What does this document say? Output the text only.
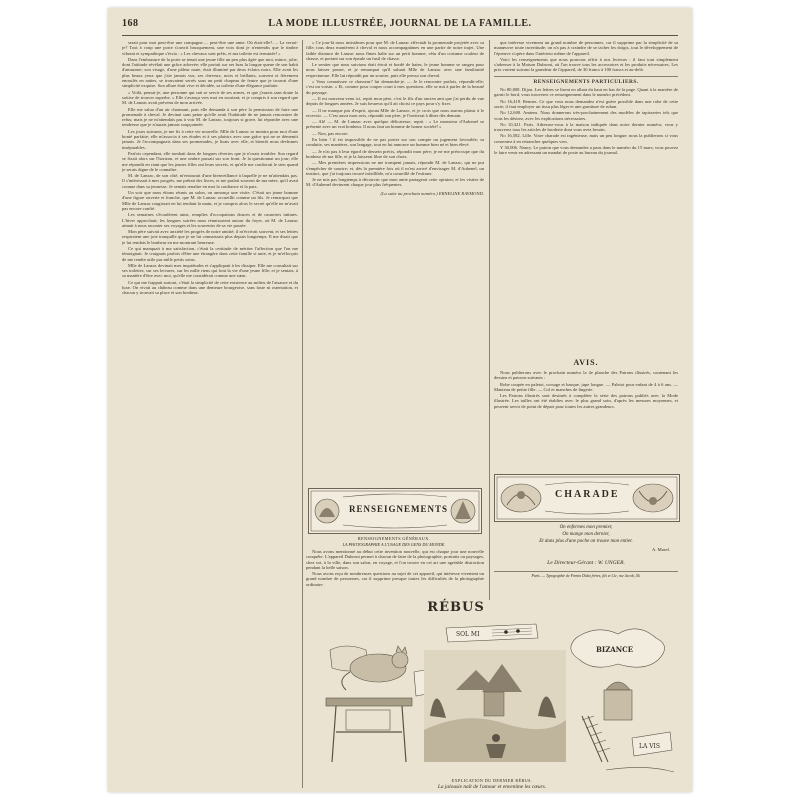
168	LA MODE ILLUSTRÉE, JOURNAL DE LA FAMILLE.

serait pour moi peut-être une compagne..... peut-être une amie. Où était-elle?..... La verrai-je? Tout à coup une porte s'ouvrit brusquement, une voix dont je n'entendis que le timbre vibrant et sympathique s'écria : « Les chevaux sont prêts, et ma toilette est terminée! »

Dans l'embrasure de la porte se tenait une jeune fille un peu plus âgée que moi, mince, jolie, dont l'attitude révélait une grâce achevée; elle portait sur ses bras la longue queue de son habit d'amazone; son visage, d'une pâleur mate, était illuminé par deux éclairs noirs. Elle avait les plus beaux yeux que j'aie jamais vus; ses cheveux, noirs et brillants, souvent et fièrement enroulés en nattes, se trouvaient serrés sous un petit chapeau de feutre que je trouvai d'une simplicité exquise. Son allure était vive et décidée, sa toilette d'une élégance parfaite.

« Voilà, pensai-je, une personne qui sait se servir de ses armes, et que j'aurais sans doute la sottise de trouver superbe. » Elle s'avança vers moi en souriant; et je compris à son regard que M. de Lanzac avait prévenu de mon arrivée.

Elle me salua d'un air charmant, puis elle demanda à son père la permission de faire une promenade à cheval. Je devinai sans peine qu'elle avait l'habitude de ne jamais rencontrer de refus; mais je ne m'attendais pas à voir M. de Lanzac, toujours si grave, lui répondre avec une tendresse que je n'aurais jamais soupçonnée.

Les jours suivants, je me fis à cette vie nouvelle. Mlle de Lanzac se montra pour moi d'une bonté parfaite; elle m'associa à ses études et à ses plaisirs avec une grâce qui ne se démentit jamais. Je l'accompagnais dans ses promenades, je lisais avec elle, et bientôt nous devînmes inséparables.

Parfois cependant, elle tombait dans de longues rêveries que je n'osais troubler. Son regard se fixait alors sur l'horizon, et une ombre passait sur son front. Je la questionnai un jour; elle me répondit en riant que les jeunes filles ont leurs secrets, et qu'elle me confierait le sien quand je serais digne de le connaître.

M. de Lanzac, de son côté, m'entourait d'une bienveillance à laquelle je ne m'attendais pas. Il s'intéressait à mes progrès, me prêtait des livres, et me parlait souvent de ma mère, qu'il avait connue dans sa jeunesse. Je sentais renaître en moi la confiance et la paix.

Un soir que nous étions réunis au salon, on annonça une visite. C'était un jeune homme d'une figure ouverte et franche, que M. de Lanzac accueillit comme un fils. Je remarquai que Mlle de Lanzac rougissait en lui tendant la main, et je compris alors le secret qu'elle ne m'avait pas encore confié.

Les semaines s'écoulèrent ainsi, remplies d'occupations douces et de causeries intimes. L'hiver approchait; les longues soirées nous réunissaient autour du foyer, où M. de Lanzac aimait à nous raconter ses voyages et les souvenirs de sa vie passée.

Mon père suivait avec anxiété les progrès de notre amitié; il m'écrivait souvent, et ses lettres respiraient une joie tranquille que je ne lui connaissais plus depuis longtemps. Il me disait que je lui rendais le bonheur en me montrant heureuse.

Ce qui manquait à ma satisfaction, c'était la certitude de mériter l'affection que l'on me témoignait. Je craignais parfois d'être une étrangère dans cette famille si unie, et je m'efforçais de me rendre utile par mille petits soins.

Mlle de Lanzac devinait mes inquiétudes et s'appliquait à les dissiper. Elle me consultait sur ses toilettes, sur ses lectures, sur les mille riens qui font la vie d'une jeune fille; et je sentais, à sa manière d'être avec moi, qu'elle me considérait comme une sœur.

Ce qui me frappait surtout, c'était la simplicité de cette existence au milieu de l'aisance et du luxe. On vivait au château comme dans une demeure bourgeoise, sans faste ni ostentation, et chacun y trouvait sa place et son bonheur.

« Ce jour-là nous insistâmes pour que M. de Lanzac effectuât la promenade projetée avec sa fille; tous deux montèrent à cheval et nous accompagnâmes en une partie de notre trajet. Une faible distance de Lanzac nous fîmes halte sur un petit homme, vêtu d'un costume couleur de chasse, et portant sur son épaule un fusil de chasse.

Le sentier que nous suivions était étroit et bordé de haies; le jeune homme se rangea pour nous laisser passer, et je remarquai qu'il saluait Mlle de Lanzac avec une familiarité respectueuse. Elle lui répondit par un sourire, puis elle pressa son cheval.

« Vous connaissez ce chasseur? lui demandai-je. — Je le rencontre parfois, répondit-elle; c'est un voisin. » Et, comme pour couper court à mes questions, elle se mit à parler de la beauté du paysage.

— Il est nouveau venu ici, reprit mon père, c'est le fils d'un ancien ami que j'ai perdu de vue depuis de longues années. Je suis heureux qu'il ait choisi ce pays pour s'y fixer.

— Il ne manque pas d'esprit, ajouta Mlle de Lanzac, et je crois que nous aurons plaisir à le recevoir. — C'est aussi mon avis, répondit son père; je l'inviterai à dîner dès demain.

— Ah! — M. de Lanzac avec quelque délicatesse, reprit : « Le monsieur d'Aubenel se présente avec un vrai bonheur. Il nous faut un homme de bonne société! »

— Non, pas encore.

En bien ! il est impossible de ne pas porter sur son compte un jugement favorable; sa conduite, ses manières, son langage, tout en lui annonce un homme bien né et bien élevé.

— Je n'ai pas à leur égard de dessein précis, répondit mon père; je ne me préoccupe que du bonheur de ma fille, et je la laisserai libre de son choix.

— Mes premières impressions ne me trompent jamais, répondit M. de Lanzac, qui ne put s'empêcher de sourire; et, dès la première fois où il m'est arrivé d'envisager M. d'Aubenel, un instinct, que j'ai toujours trouvé infaillible, m'a conseillé de l'estimer.

Je ne mis pas longtemps à découvrir que mon amie partageait cette opinion; et les visites de M. d'Aubenel devinrent chaque jour plus fréquentes.

(La suite au prochain numéro.) ERNELINE RAYMOND.
RENSEIGNEMENTS
RENSEIGNEMENTS GÉNÉRAUX.
LA PHOTOGRAPHIE A L'USAGE DES GENS DU MONDE.

Nous avons mentionné au début cette invention nouvelle, qui est chaque jour une nouvelle conquête. L'appareil Dubroni permet à chacun de faire de la photographie, portraits ou paysages, chez soi, à la ville, dans son salon, en voyage, et l'on trouve en cet art une agréable distraction pendant la belle saison.

Nous avons reçu de nombreuses questions au sujet de cet appareil, qui intéresse vivement un grand nombre de personnes, car il supprime presque toutes les difficultés de la photographie ordinaire.

que intéresse vivement un grand nombre de personnes, car il supprime par la simplicité de sa manœuvre toute incertitude; on n'a pas à craindre de se tacher les doigts, tout le développement de l'épreuve s'opère dans l'intérieur même de l'appareil.

Voici les renseignements que nous pouvons offrir à nos lecteurs : il faut tout simplement s'adresser à la Maison Dubroni, où l'on trouve tous les accessoires et les produits nécessaires. Les prix varient suivant la grandeur de l'appareil, de 30 francs à 100 francs et au-delà.

RENSEIGNEMENTS PARTICULIERS.

No 80,808. Dijon. Les lettres se lisent en allant du haut en bas de la page. Quant à la manière de garnir le bord, vous trouverez ce renseignement dans le numéro précédent.

No 16,418. Rennes. Ce que vous nous demandez n'est guère possible dans une robe de cette sorte; il faut employer un tissu plus léger et une garniture de ruban.

No 12,600. Amiens. Nous donnerons très-prochainement des modèles de tapisseries tels que vous les désirez, avec les explications nécessaires.

No 10,421. Paris. Adressez-vous à la maison indiquée dans notre dernier numéro; vous y trouverez tous les articles de broderie dont vous avez besoin.

No 16,582. Lille. Votre charade est ingénieuse, mais un peu longue; nous la publierons si vous consentez à en retrancher quelques vers.

Y 30,006. Nancy. Le patron que vous demandez a paru dans le numéro du 15 mars; vous pouvez le faire venir en adressant un mandat de poste au bureau du journal.

AVIS.

Nous publierons avec le prochain numéro la 4e planche des Patrons illustrés, contenant les dessins et patrons suivants :

Robe coupée en paletot, corsage et basque, jupe longue. — Paletot pour enfant de 4 à 6 ans. — Manteau de petite fille. — Col et manches de lingerie.

Les Patrons illustrés sont destinés à compléter la série des patrons publiés avec la Mode illustrée. Les tailles ont été établies avec le plus grand soin, d'après les mesures moyennes, et peuvent servir de point de départ pour toutes les autres grandeurs.

CHARADE
On enfermes mon premier,
On mange mon dernier,
Et dans plus d'une poche on trouve mon entier.
A. Morel.
Le Directeur-Gérant : W. UNGER.
Paris. — Typographie de Firmin Didot frères, fils et Cie, rue Jacob, 56.
RÉBUS
SOL MI
BIZANCE
LA VIS
EXPLICATION DU DERNIER RÉBUS.
La jalousie naît de l'amour et envenime les cœurs.
